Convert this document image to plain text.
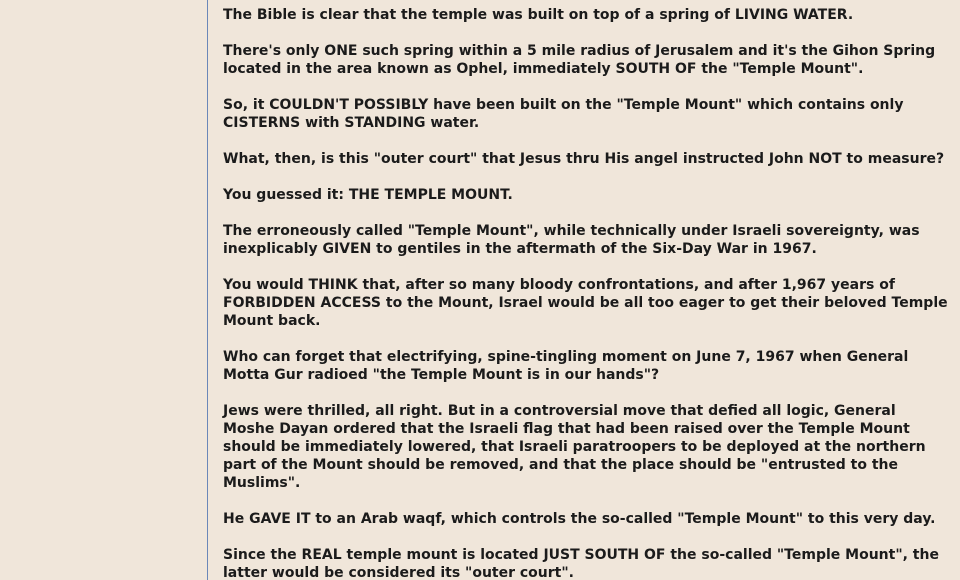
The Bible is clear that the temple was built on top of a spring of LIVING WATER.

There's only ONE such spring within a 5 mile radius of Jerusalem and it's the Gihon Spring located in the area known as Ophel, immediately SOUTH OF the "Temple Mount".

So, it COULDN'T POSSIBLY have been built on the "Temple Mount" which contains only CISTERNS with STANDING water.

What, then, is this "outer court" that Jesus thru His angel instructed John NOT to measure?

You guessed it: THE TEMPLE MOUNT.

The erroneously called "Temple Mount", while technically under Israeli sovereignty, was inexplicably GIVEN to gentiles in the aftermath of the Six-Day War in 1967.

You would THINK that, after so many bloody confrontations, and after 1,967 years of FORBIDDEN ACCESS to the Mount, Israel would be all too eager to get their beloved Temple Mount back.

Who can forget that electrifying, spine-tingling moment on June 7, 1967 when General Motta Gur radioed "the Temple Mount is in our hands"?

Jews were thrilled, all right. But in a controversial move that defied all logic, General Moshe Dayan ordered that the Israeli flag that had been raised over the Temple Mount should be immediately lowered, that Israeli paratroopers to be deployed at the northern part of the Mount should be removed, and that the place should be "entrusted to the Muslims".

He GAVE IT to an Arab waqf, which controls the so-called "Temple Mount" to this very day.

Since the REAL temple mount is located JUST SOUTH OF the so-called "Temple Mount", the latter would be considered its "outer court".
